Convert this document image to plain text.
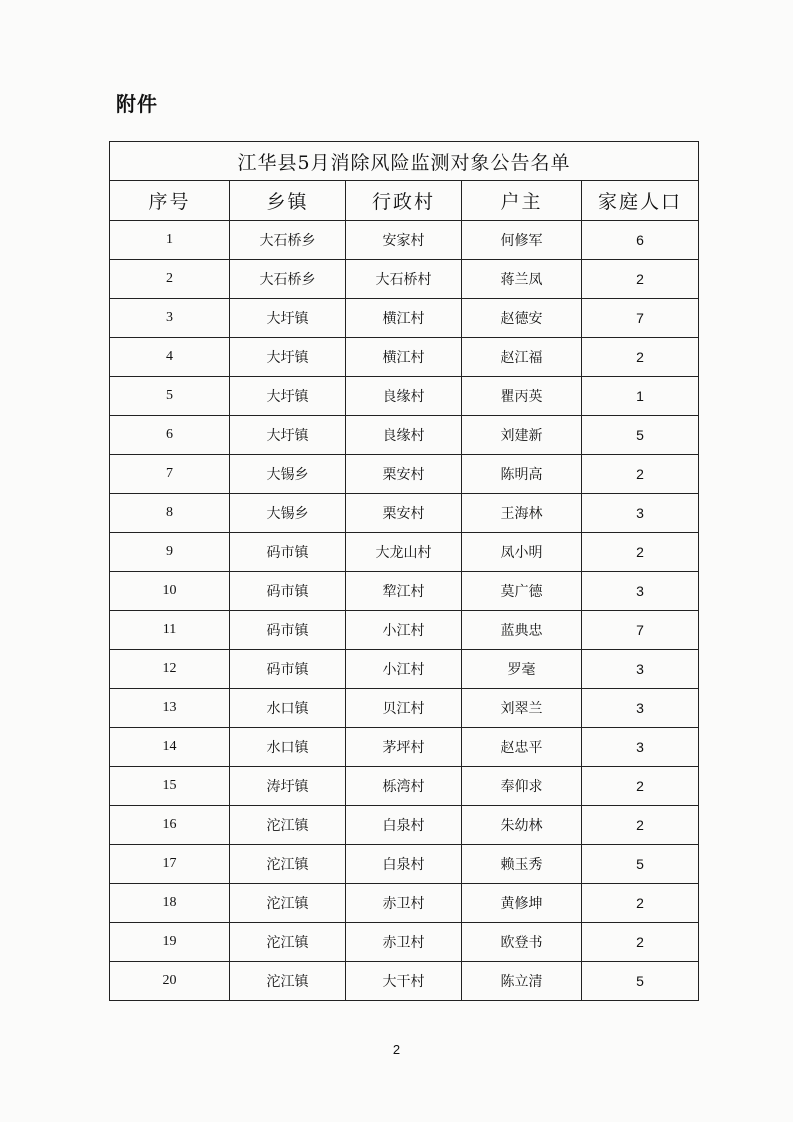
附件
江华县5月消除风险监测对象公告名单				
序号	乡镇	行政村	户主	家庭人口
1	大石桥乡	安家村	何修军	6
2	大石桥乡	大石桥村	蒋兰凤	2
3	大圩镇	横江村	赵德安	7
4	大圩镇	横江村	赵江福	2
5	大圩镇	良缘村	瞿丙英	1
6	大圩镇	良缘村	刘建新	5
7	大锡乡	栗安村	陈明高	2
8	大锡乡	栗安村	王海林	3
9	码市镇	大龙山村	凤小明	2
10	码市镇	犂江村	莫广德	3
11	码市镇	小江村	蓝典忠	7
12	码市镇	小江村	罗毫	3
13	水口镇	贝江村	刘翠兰	3
14	水口镇	茅坪村	赵忠平	3
15	涛圩镇	栎湾村	奉仰求	2
16	沱江镇	白泉村	朱幼林	2
17	沱江镇	白泉村	赖玉秀	5
18	沱江镇	赤卫村	黄修坤	2
19	沱江镇	赤卫村	欧登书	2
20	沱江镇	大干村	陈立清	5
2
